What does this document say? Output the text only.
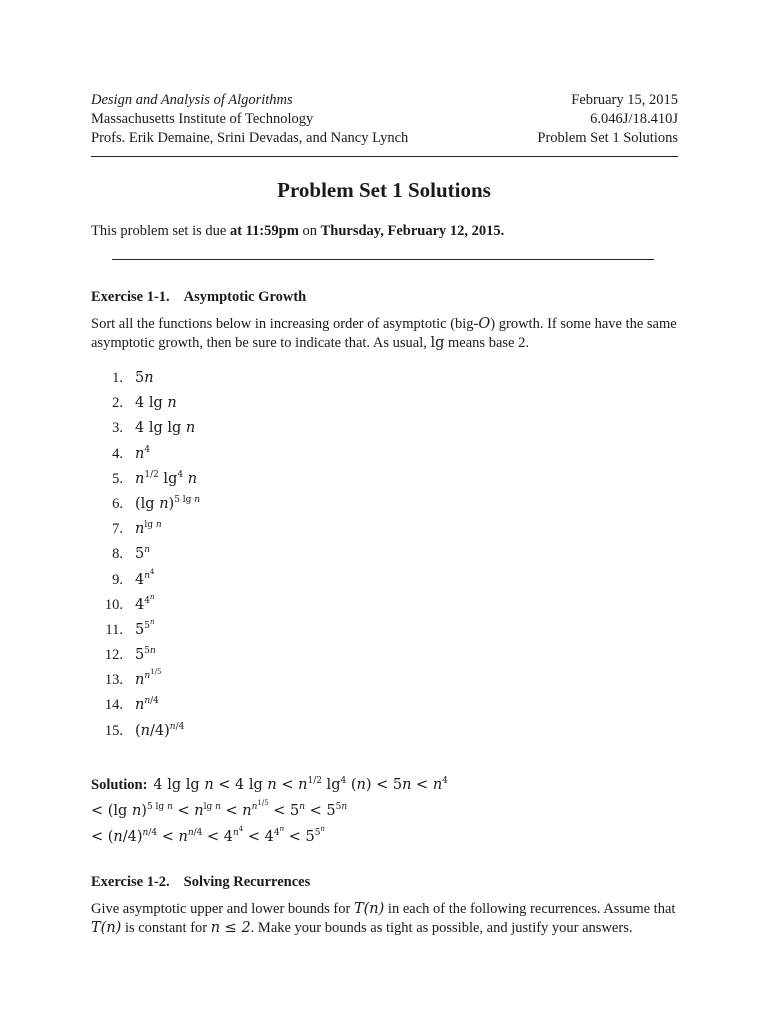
Design and Analysis of Algorithms	February 15, 2015
Massachusetts Institute of Technology	6.046J/18.410J
Profs. Erik Demaine, Srini Devadas, and Nancy Lynch	Problem Set 1 Solutions
Problem Set 1 Solutions
This problem set is due at 11:59pm on Thursday, February 12, 2015.
Exercise 1-1. Asymptotic Growth
Sort all the functions below in increasing order of asymptotic (big-O) growth. If some have the same asymptotic growth, then be sure to indicate that. As usual, lg means base 2.
1. 5n
2. 4 lg n
3. 4 lg lg n
4. $n^4$
5. $n^{1/2}$ $\lg^4 n$
6. (lg n)$^{5 lg n}$
7. $n^{lg n}$
8. 5$^n$
9. $4^{n^4}$
10. $4^{4^n}$
11. $5^{5^n}$
12. $5^{5n}$
13. $n^{n^{1/5}}$
14. $n^{n/4}$
15. $(n/4)^{n/4}$
Solution: 4 lg lg n < 4 $\lg n < n^{1/2}$ $\lg^4 (n) < 5n < n^4$
< (lg $n)^{5 lg n} < n^{lg n} < n^{n^{1/5}} < 5^n < 5^{5n}$
< $(n/4)^{n/4} < n^{n/4} < 4^{n^4} < 4^{4^n} < 5^{5^n}$
Exercise 1-2. Solving Recurrences
Give asymptotic upper and lower bounds for T(n) in each of the following recurrences. Assume that T(n) is constant for n ≤ 2. Make your bounds as tight as possible, and justify your answers.
